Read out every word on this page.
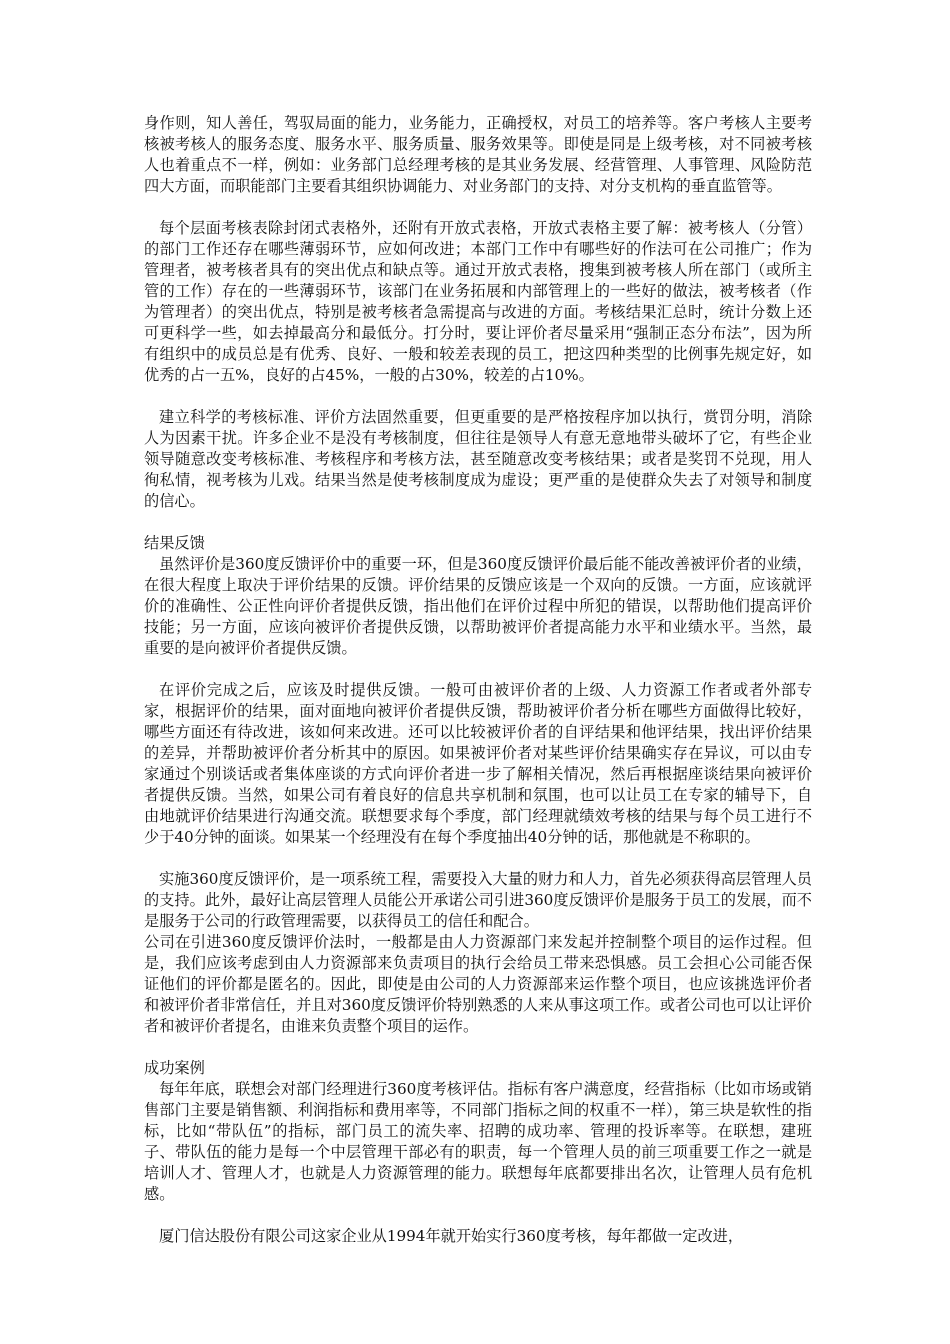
身作则，知人善任，驾驭局面的能力，业务能力，正确授权，对员工的培养等。客户考核人主要考核被考核人的服务态度、服务水平、服务质量、服务效果等。即使是同是上级考核，对不同被考核人也着重点不一样，例如：业务部门总经理考核的是其业务发展、经营管理、人事管理、风险防范四大方面，而职能部门主要看其组织协调能力、对业务部门的支持、对分支机构的垂直监管等。

每个层面考核表除封闭式表格外，还附有开放式表格，开放式表格主要了解：被考核人（分管）的部门工作还存在哪些薄弱环节，应如何改进；本部门工作中有哪些好的作法可在公司推广；作为管理者，被考核者具有的突出优点和缺点等。通过开放式表格，搜集到被考核人所在部门（或所主管的工作）存在的一些薄弱环节，该部门在业务拓展和内部管理上的一些好的做法，被考核者（作为管理者）的突出优点，特别是被考核者急需提高与改进的方面。考核结果汇总时，统计分数上还可更科学一些，如去掉最高分和最低分。打分时，要让评价者尽量采用“强制正态分布法”，因为所有组织中的成员总是有优秀、良好、一般和较差表现的员工，把这四种类型的比例事先规定好，如优秀的占一五%，良好的占45%，一般的占30%，较差的占10%。

建立科学的考核标准、评价方法固然重要，但更重要的是严格按程序加以执行，赏罚分明，消除人为因素干扰。许多企业不是没有考核制度，但往往是领导人有意无意地带头破坏了它，有些企业领导随意改变考核标准、考核程序和考核方法，甚至随意改变考核结果；或者是奖罚不兑现，用人徇私情，视考核为儿戏。结果当然是使考核制度成为虚设；更严重的是使群众失去了对领导和制度的信心。

结果反馈

虽然评价是360度反馈评价中的重要一环，但是360度反馈评价最后能不能改善被评价者的业绩，在很大程度上取决于评价结果的反馈。评价结果的反馈应该是一个双向的反馈。一方面，应该就评价的准确性、公正性向评价者提供反馈，指出他们在评价过程中所犯的错误，以帮助他们提高评价技能；另一方面，应该向被评价者提供反馈，以帮助被评价者提高能力水平和业绩水平。当然，最重要的是向被评价者提供反馈。

在评价完成之后，应该及时提供反馈。一般可由被评价者的上级、人力资源工作者或者外部专家，根据评价的结果，面对面地向被评价者提供反馈，帮助被评价者分析在哪些方面做得比较好，哪些方面还有待改进，该如何来改进。还可以比较被评价者的自评结果和他评结果，找出评价结果的差异，并帮助被评价者分析其中的原因。如果被评价者对某些评价结果确实存在异议，可以由专家通过个别谈话或者集体座谈的方式向评价者进一步了解相关情况，然后再根据座谈结果向被评价者提供反馈。当然，如果公司有着良好的信息共享机制和氛围，也可以让员工在专家的辅导下，自由地就评价结果进行沟通交流。联想要求每个季度，部门经理就绩效考核的结果与每个员工进行不少于40分钟的面谈。如果某一个经理没有在每个季度抽出40分钟的话，那他就是不称职的。

实施360度反馈评价，是一项系统工程，需要投入大量的财力和人力，首先必须获得高层管理人员的支持。此外，最好让高层管理人员能公开承诺公司引进360度反馈评价是服务于员工的发展，而不是服务于公司的行政管理需要，以获得员工的信任和配合。

公司在引进360度反馈评价法时，一般都是由人力资源部门来发起并控制整个项目的运作过程。但是，我们应该考虑到由人力资源部来负责项目的执行会给员工带来恐惧感。员工会担心公司能否保证他们的评价都是匿名的。因此，即使是由公司的人力资源部来运作整个项目，也应该挑选评价者和被评价者非常信任，并且对360度反馈评价特别熟悉的人来从事这项工作。或者公司也可以让评价者和被评价者提名，由谁来负责整个项目的运作。

成功案例

每年年底，联想会对部门经理进行360度考核评估。指标有客户满意度，经营指标（比如市场或销售部门主要是销售额、利润指标和费用率等，不同部门指标之间的权重不一样），第三块是软性的指标，比如“带队伍”的指标，部门员工的流失率、招聘的成功率、管理的投诉率等。在联想，建班子、带队伍的能力是每一个中层管理干部必有的职责，每一个管理人员的前三项重要工作之一就是培训人才、管理人才，也就是人力资源管理的能力。联想每年底都要排出名次，让管理人员有危机感。

厦门信达股份有限公司这家企业从1994年就开始实行360度考核，每年都做一定改进，
